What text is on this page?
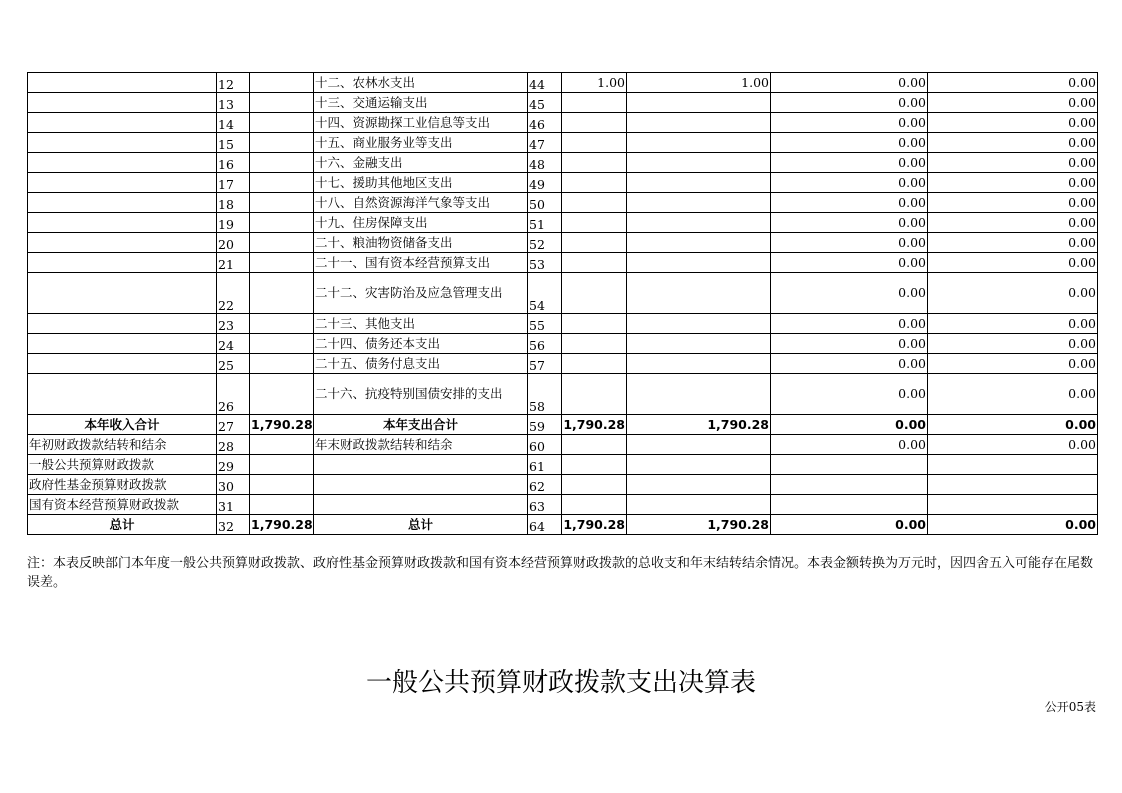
	12		十二、农林水支出	44	1.00	1.00	0.00	0.00
	13		十三、交通运输支出	45			0.00	0.00
	14		十四、资源勘探工业信息等支出	46			0.00	0.00
	15		十五、商业服务业等支出	47			0.00	0.00
	16		十六、金融支出	48			0.00	0.00
	17		十七、援助其他地区支出	49			0.00	0.00
	18		十八、自然资源海洋气象等支出	50			0.00	0.00
	19		十九、住房保障支出	51			0.00	0.00
	20		二十、粮油物资储备支出	52			0.00	0.00
	21		二十一、国有资本经营预算支出	53			0.00	0.00
	22		二十二、灾害防治及应急管理支出	54			0.00	0.00
	23		二十三、其他支出	55			0.00	0.00
	24		二十四、债务还本支出	56			0.00	0.00
	25		二十五、债务付息支出	57			0.00	0.00
	26		二十六、抗疫特别国债安排的支出	58			0.00	0.00
本年收入合计	27	1,790.28	本年支出合计	59	1,790.28	1,790.28	0.00	0.00
年初财政拨款结转和结余	28		年末财政拨款结转和结余	60			0.00	0.00
一般公共预算财政拨款	29			61				
政府性基金预算财政拨款	30			62				
国有资本经营预算财政拨款	31			63				
总计	32	1,790.28	总计	64	1,790.28	1,790.28	0.00	0.00
注：本表反映部门本年度一般公共预算财政拨款、政府性基金预算财政拨款和国有资本经营预算财政拨款的总收支和年末结转结余情况。本表金额转换为万元时，因四舍五入可能存在尾数误差。
一般公共预算财政拨款支出决算表
公开05表
